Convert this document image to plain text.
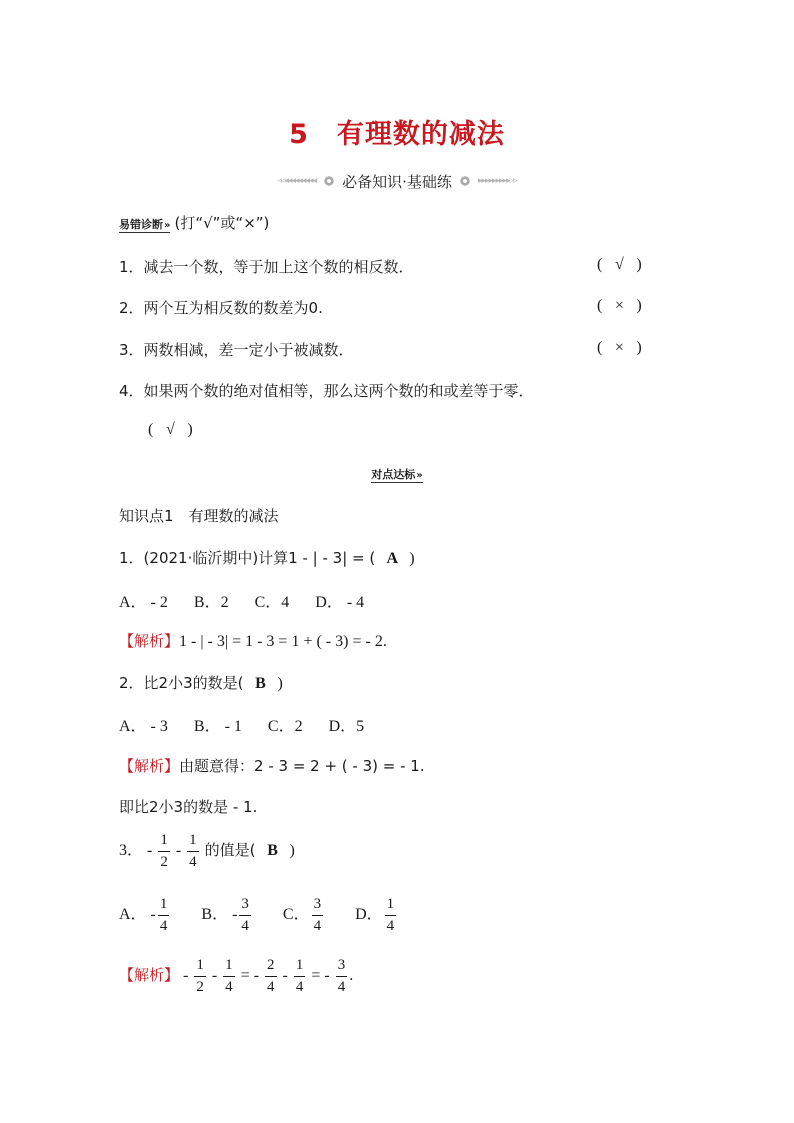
5 有理数的减法
◃◃◂◂◂◂◂◂◂◂◂ 必备知识·基础练	▸▸▸▸▸▸▸▸▸▹▹
易错诊断» (打“√”或“×”)
1．减去一个数，等于加上这个数的相反数．	( √ )
2．两个互为相反数的数差为0.	( × )
3．两数相减，差一定小于被减数．	( × )
4．如果两个数的绝对值相等，那么这两个数的和或差等于零．
( √ )
对点达标»
知识点1　有理数的减法
1．(2021·临沂期中)计算1 - | - 3| = ( A )
A． - 2 B．2 C．4 D． - 4
【解析】1 - | - 3| = 1 - 3 = 1 + ( - 3) = - 2.
2．比2小3的数是( B )
A． - 3 B． - 1 C．2 D．5
【解析】由题意得：2 - 3 = 2 + ( - 3) = - 1.
即比2小3的数是 - 1.
3． - $\frac{1}{2} - \frac{1}{4}$ 的值是( B )
A． - $\frac{1}{4}$ B． - $\frac{3}{4}$ C． $\frac{3}{4}$ D． $\frac{1}{4}$
【解析】 - $\frac{1}{2} - \frac{1}{4}$ = - $\frac{2}{4} - \frac{1}{4}$ = - $\frac{3}{4}$ .
